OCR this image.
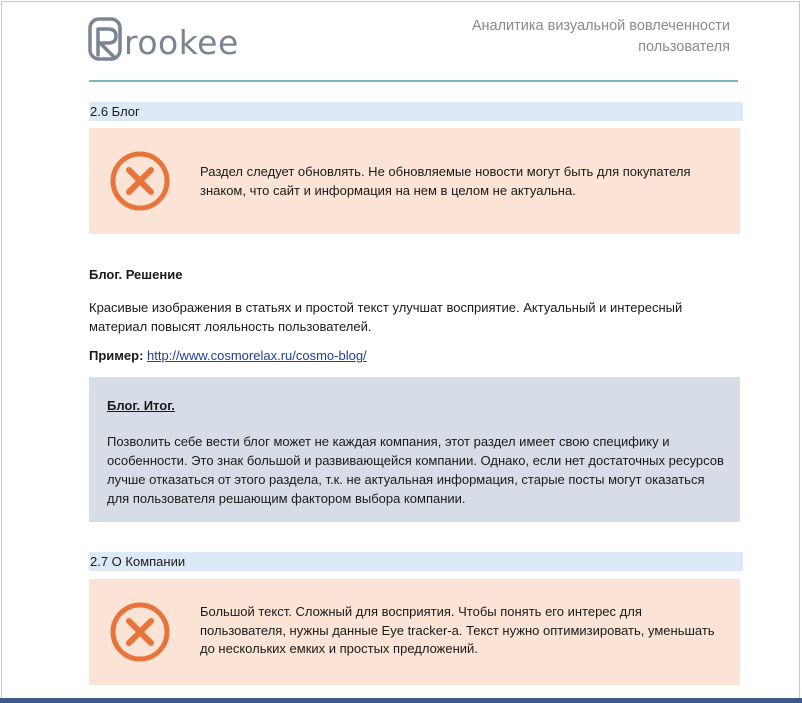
rookee	Аналитика визуальной вовлеченности
пользователя
2.6 Блог
Раздел следует обновлять. Не обновляемые новости могут быть для покупателя знаком, что сайт и информация на нем в целом не актуальна.
Блог. Решение
Красивые изображения в статьях и простой текст улучшат восприятие. Актуальный и интересный материал повысят лояльность пользователей.
Пример: http://www.cosmorelax.ru/cosmo-blog/
Блог. Итог.
Позволить себе вести блог может не каждая компания, этот раздел имеет свою специфику и особенности. Это знак большой и развивающейся компании. Однако, если нет достаточных ресурсов лучше отказаться от этого раздела, т.к. не актуальная информация, старые посты могут оказаться для пользователя решающим фактором выбора компании.
2.7 О Компании
Большой текст. Сложный для восприятия. Чтобы понять его интерес для пользователя, нужны данные Eye tracker-а. Текст нужно оптимизировать, уменьшать до нескольких емких и простых предложений.
